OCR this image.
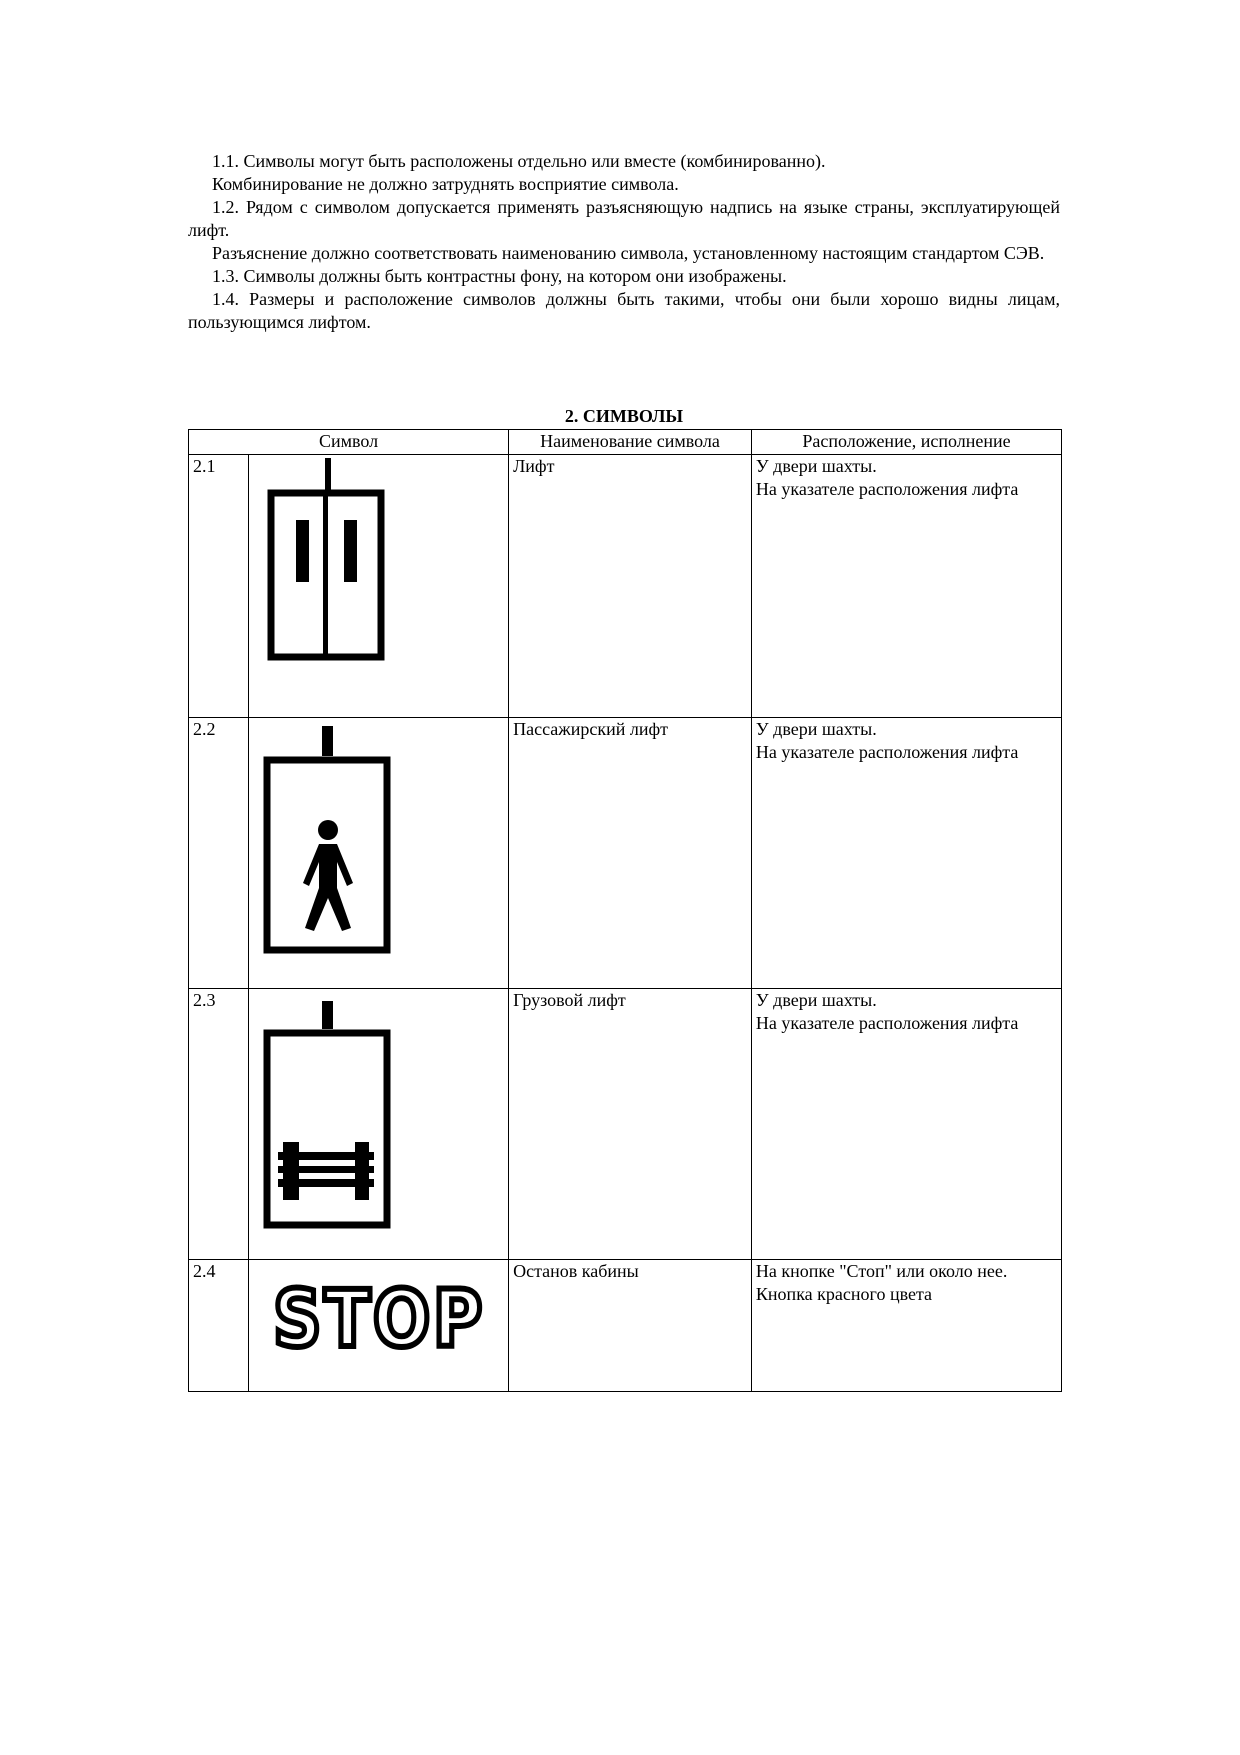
1.1. Символы могут быть расположены отдельно или вместе (комбинированно).

Комбинирование не должно затруднять восприятие символа.

1.2. Рядом с символом допускается применять разъясняющую надпись на языке страны, эксплуатирующей лифт.

Разъяснение должно соответствовать наименованию символа, установленному настоящим стандартом СЭВ.

1.3. Символы должны быть контрастны фону, на котором они изображены.

1.4. Размеры и расположение символов должны быть такими, чтобы они были хорошо видны лицам, пользующимся лифтом.

2. СИМВОЛЫ
Символ		Наименование символа	Расположение, исполнение
2.1		Лифт	У двери шахты.
На указателе расположения лифта

2.2		Пассажирский лифт	У двери шахты.
На указателе расположения лифта

2.3		Грузовой лифт	У двери шахты.
На указателе расположения лифта

2.4	STOP	Останов кабины	На кнопке "Стоп" или около нее.
Кнопка красного цвета
